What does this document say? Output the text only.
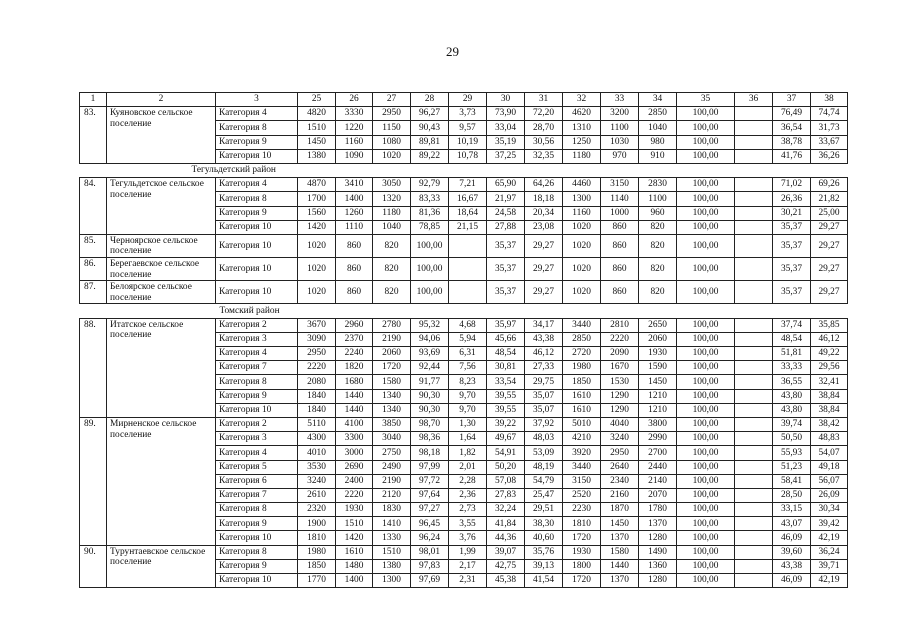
29
1	2	3	25	26	27	28	29	30	31	32	33	34	35	36	37	38
83.	Куяновское сельское поселение	Категория 4	4820	3330	2950	96,27	3,73	73,90	72,20	4620	3200	2850	100,00		76,49	74,74
		Категория 8	1510	1220	1150	90,43	9,57	33,04	28,70	1310	1100	1040	100,00		36,54	31,73
		Категория 9	1450	1160	1080	89,81	10,19	35,19	30,56	1250	1030	980	100,00		38,78	33,67
		Категория 10	1380	1090	1020	89,22	10,78	37,25	32,35	1180	970	910	100,00		41,76	36,26
Тегульдетский район																
84.	Тегульдетское сельское поселение	Категория 4	4870	3410	3050	92,79	7,21	65,90	64,26	4460	3150	2830	100,00		71,02	69,26
		Категория 8	1700	1400	1320	83,33	16,67	21,97	18,18	1300	1140	1100	100,00		26,36	21,82
		Категория 9	1560	1260	1180	81,36	18,64	24,58	20,34	1160	1000	960	100,00		30,21	25,00
		Категория 10	1420	1110	1040	78,85	21,15	27,88	23,08	1020	860	820	100,00		35,37	29,27
85.	Черноярское сельское поселение	Категория 10	1020	860	820	100,00		35,37	29,27	1020	860	820	100,00		35,37	29,27
86.	Берегаевское сельское поселение	Категория 10	1020	860	820	100,00		35,37	29,27	1020	860	820	100,00		35,37	29,27
87.	Белоярское сельское поселение	Категория 10	1020	860	820	100,00		35,37	29,27	1020	860	820	100,00		35,37	29,27
Томский район																
88.	Итатское сельское поселение	Категория 2	3670	2960	2780	95,32	4,68	35,97	34,17	3440	2810	2650	100,00		37,74	35,85
		Категория 3	3090	2370	2190	94,06	5,94	45,66	43,38	2850	2220	2060	100,00		48,54	46,12
		Категория 4	2950	2240	2060	93,69	6,31	48,54	46,12	2720	2090	1930	100,00		51,81	49,22
		Категория 7	2220	1820	1720	92,44	7,56	30,81	27,33	1980	1670	1590	100,00		33,33	29,56
		Категория 8	2080	1680	1580	91,77	8,23	33,54	29,75	1850	1530	1450	100,00		36,55	32,41
		Категория 9	1840	1440	1340	90,30	9,70	39,55	35,07	1610	1290	1210	100,00		43,80	38,84
		Категория 10	1840	1440	1340	90,30	9,70	39,55	35,07	1610	1290	1210	100,00		43,80	38,84
89.	Мирненское сельское поселение	Категория 2	5110	4100	3850	98,70	1,30	39,22	37,92	5010	4040	3800	100,00		39,74	38,42
		Категория 3	4300	3300	3040	98,36	1,64	49,67	48,03	4210	3240	2990	100,00		50,50	48,83
		Категория 4	4010	3000	2750	98,18	1,82	54,91	53,09	3920	2950	2700	100,00		55,93	54,07
		Категория 5	3530	2690	2490	97,99	2,01	50,20	48,19	3440	2640	2440	100,00		51,23	49,18
		Категория 6	3240	2400	2190	97,72	2,28	57,08	54,79	3150	2340	2140	100,00		58,41	56,07
		Категория 7	2610	2220	2120	97,64	2,36	27,83	25,47	2520	2160	2070	100,00		28,50	26,09
		Категория 8	2320	1930	1830	97,27	2,73	32,24	29,51	2230	1870	1780	100,00		33,15	30,34
		Категория 9	1900	1510	1410	96,45	3,55	41,84	38,30	1810	1450	1370	100,00		43,07	39,42
		Категория 10	1810	1420	1330	96,24	3,76	44,36	40,60	1720	1370	1280	100,00		46,09	42,19
90.	Турунтаевское сельское поселение	Категория 8	1980	1610	1510	98,01	1,99	39,07	35,76	1930	1580	1490	100,00		39,60	36,24
		Категория 9	1850	1480	1380	97,83	2,17	42,75	39,13	1800	1440	1360	100,00		43,38	39,71
		Категория 10	1770	1400	1300	97,69	2,31	45,38	41,54	1720	1370	1280	100,00		46,09	42,19
